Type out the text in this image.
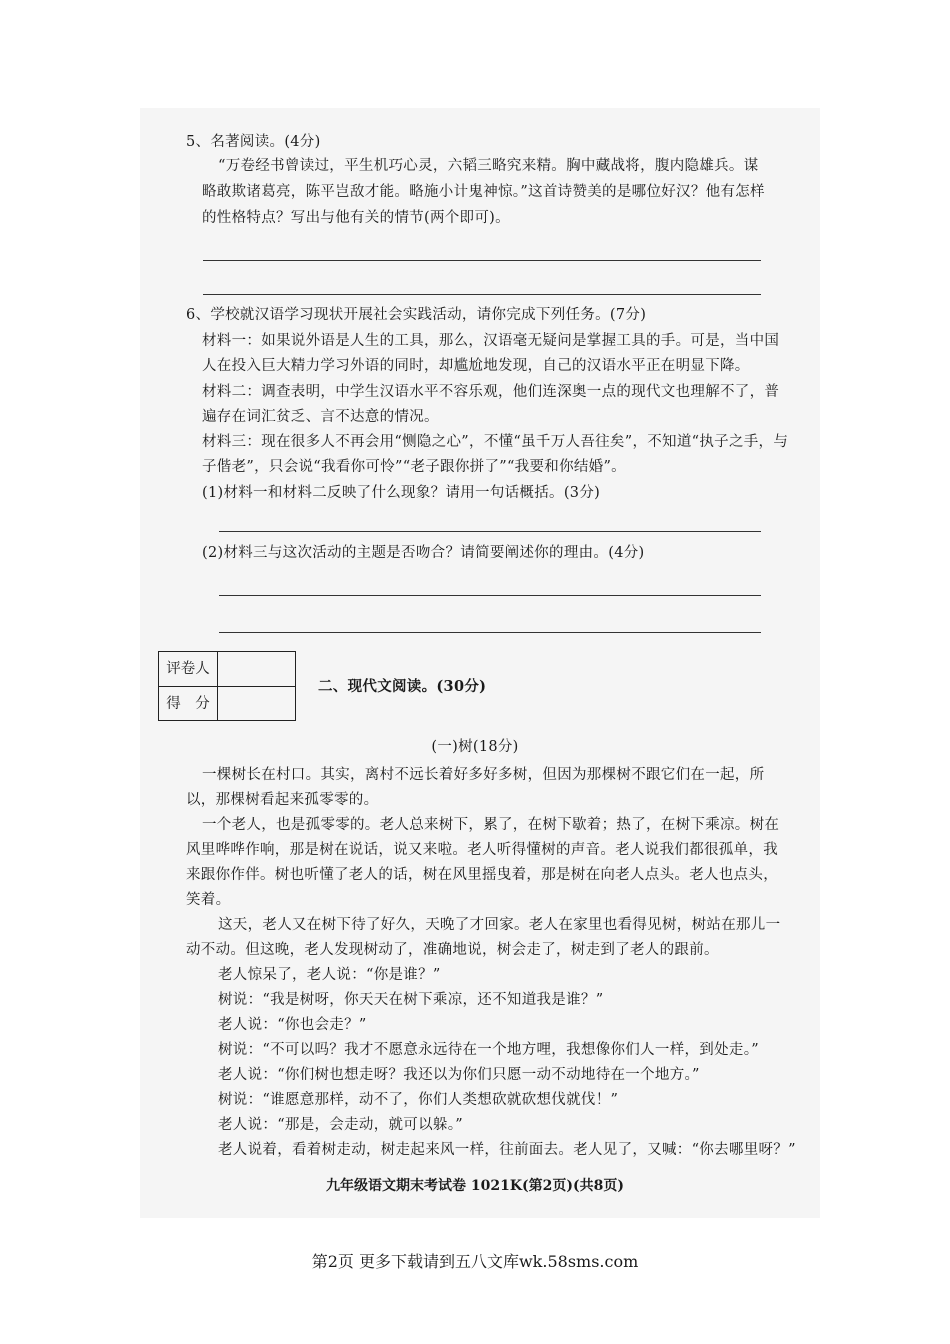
5、名著阅读。(4分)
“万卷经书曾读过，平生机巧心灵，六韬三略究来精。胸中藏战将，腹内隐雄兵。谋
略敢欺诸葛亮，陈平岂敌才能。略施小计鬼神惊。”这首诗赞美的是哪位好汉？他有怎样
的性格特点？写出与他有关的情节(两个即可)。
6、学校就汉语学习现状开展社会实践活动，请你完成下列任务。(7分)
材料一：如果说外语是人生的工具，那么，汉语毫无疑问是掌握工具的手。可是，当中国
人在投入巨大精力学习外语的同时，却尴尬地发现，自己的汉语水平正在明显下降。
材料二：调查表明，中学生汉语水平不容乐观，他们连深奥一点的现代文也理解不了，普
遍存在词汇贫乏、言不达意的情况。
材料三：现在很多人不再会用“恻隐之心”，不懂“虽千万人吾往矣”，不知道“执子之手，与
子偕老”，只会说“我看你可怜”“老子跟你拼了”“我要和你结婚”。
(1)材料一和材料二反映了什么现象？请用一句话概括。(3分)
(2)材料三与这次活动的主题是否吻合？请简要阐述你的理由。(4分)
评卷人
得　分
二、现代文阅读。(30分)
(一)树(18分)
一棵树长在村口。其实，离村不远长着好多好多树，但因为那棵树不跟它们在一起，所
以，那棵树看起来孤零零的。
一个老人，也是孤零零的。老人总来树下，累了，在树下歇着；热了，在树下乘凉。树在
风里哗哗作响，那是树在说话，说又来啦。老人听得懂树的声音。老人说我们都很孤单，我
来跟你作伴。树也听懂了老人的话，树在风里摇曳着，那是树在向老人点头。老人也点头，
笑着。
这天，老人又在树下待了好久，天晚了才回家。老人在家里也看得见树，树站在那儿一
动不动。但这晚，老人发现树动了，准确地说，树会走了，树走到了老人的跟前。
老人惊呆了，老人说：“你是谁？”
树说：“我是树呀，你天天在树下乘凉，还不知道我是谁？”
老人说：“你也会走？”
树说：“不可以吗？我才不愿意永远待在一个地方哩，我想像你们人一样，到处走。”
老人说：“你们树也想走呀？我还以为你们只愿一动不动地待在一个地方。”
树说：“谁愿意那样，动不了，你们人类想砍就砍想伐就伐！”
老人说：“那是，会走动，就可以躲。”
老人说着，看着树走动，树走起来风一样，往前面去。老人见了，又喊：“你去哪里呀？”
九年级语文期末考试卷 1021K(第2页)(共8页)
第2页 更多下载请到五八文库wk.58sms.com
